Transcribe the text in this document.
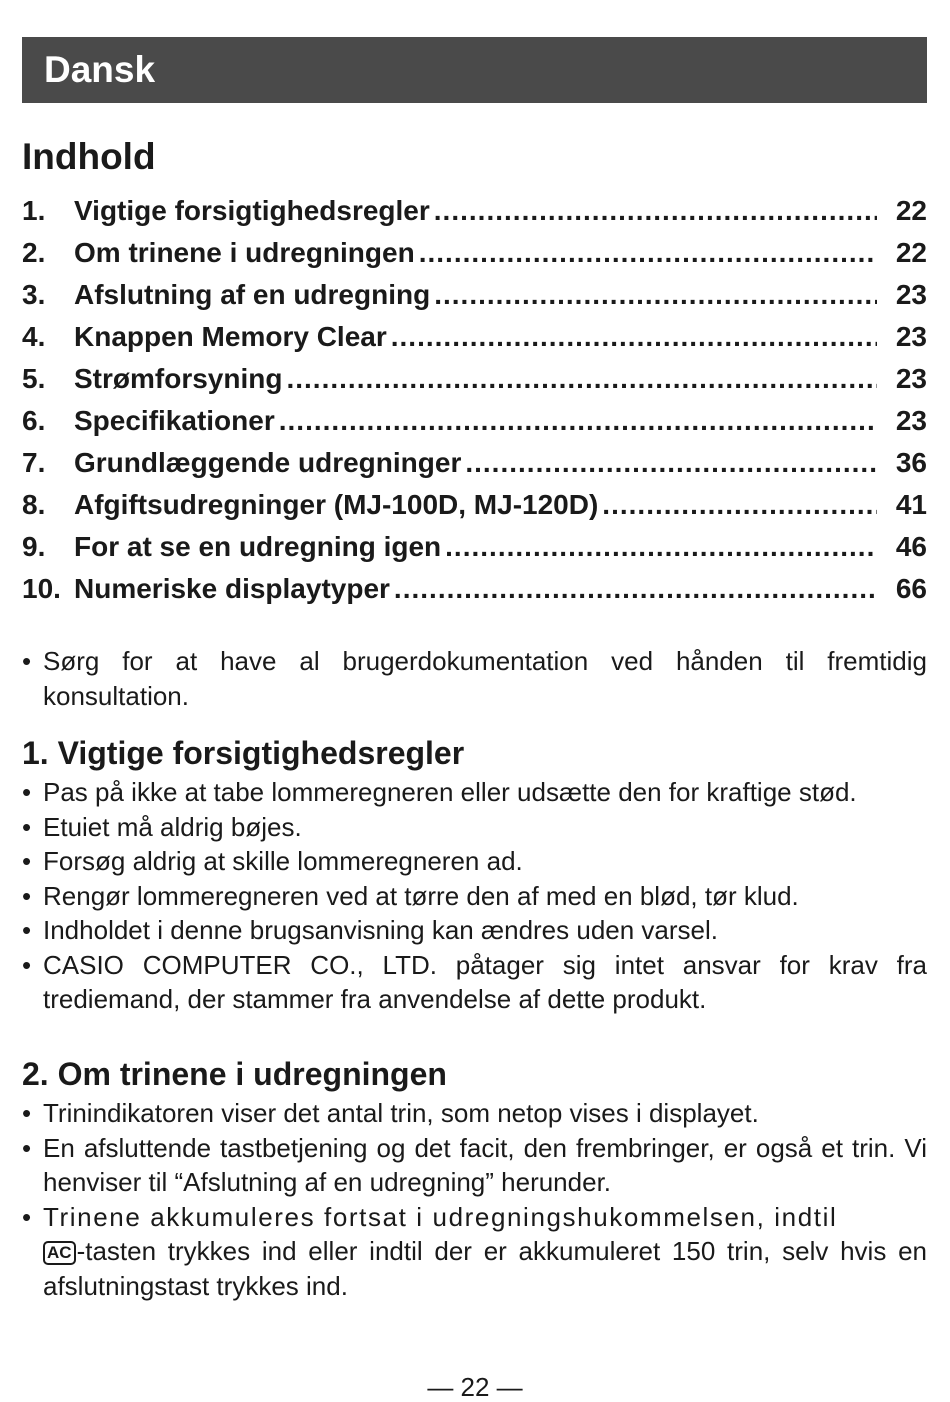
Dansk
Indhold
1.	Vigtige forsigtighedsregler .....	22
2.	Om trinene i udregningen .....	22
3.	Afslutning af en udregning .....	23
4.	Knappen Memory Clear .....	23
5.	Strømforsyning .....	23
6.	Specifikationer .....	23
7.	Grundlæggende udregninger .....	36
8.	Afgiftsudregninger (MJ-100D, MJ-120D) .....	41
9.	For at se en udregning igen .....	46
10. Numeriske displaytyper .....	66
• Sørg for at have al brugerdokumentation ved hånden til fremtidig konsultation.
1. Vigtige forsigtighedsregler
• Pas på ikke at tabe lommeregneren eller udsætte den for kraftige stød.
• Etuiet må aldrig bøjes.
• Forsøg aldrig at skille lommeregneren ad.
• Rengør lommeregneren ved at tørre den af med en blød, tør klud.
• Indholdet i denne brugsanvisning kan ændres uden varsel.
• CASIO COMPUTER CO., LTD. påtager sig intet ansvar for krav fra trediemand, der stammer fra anvendelse af dette produkt.
2. Om trinene i udregningen
• Trinindikatoren viser det antal trin, som netop vises i displayet.
• En afsluttende tastbetjening og det facit, den frembringer, er også et trin. Vi henviser til “Afslutning af en udregning” herunder.
• Trinene akkumuleres fortsat i udregningshukommelsen, indtil
AC -tasten trykkes ind eller indtil der er akkumuleret 150 trin, selv hvis en afslutningstast trykkes ind.
— 22 —
